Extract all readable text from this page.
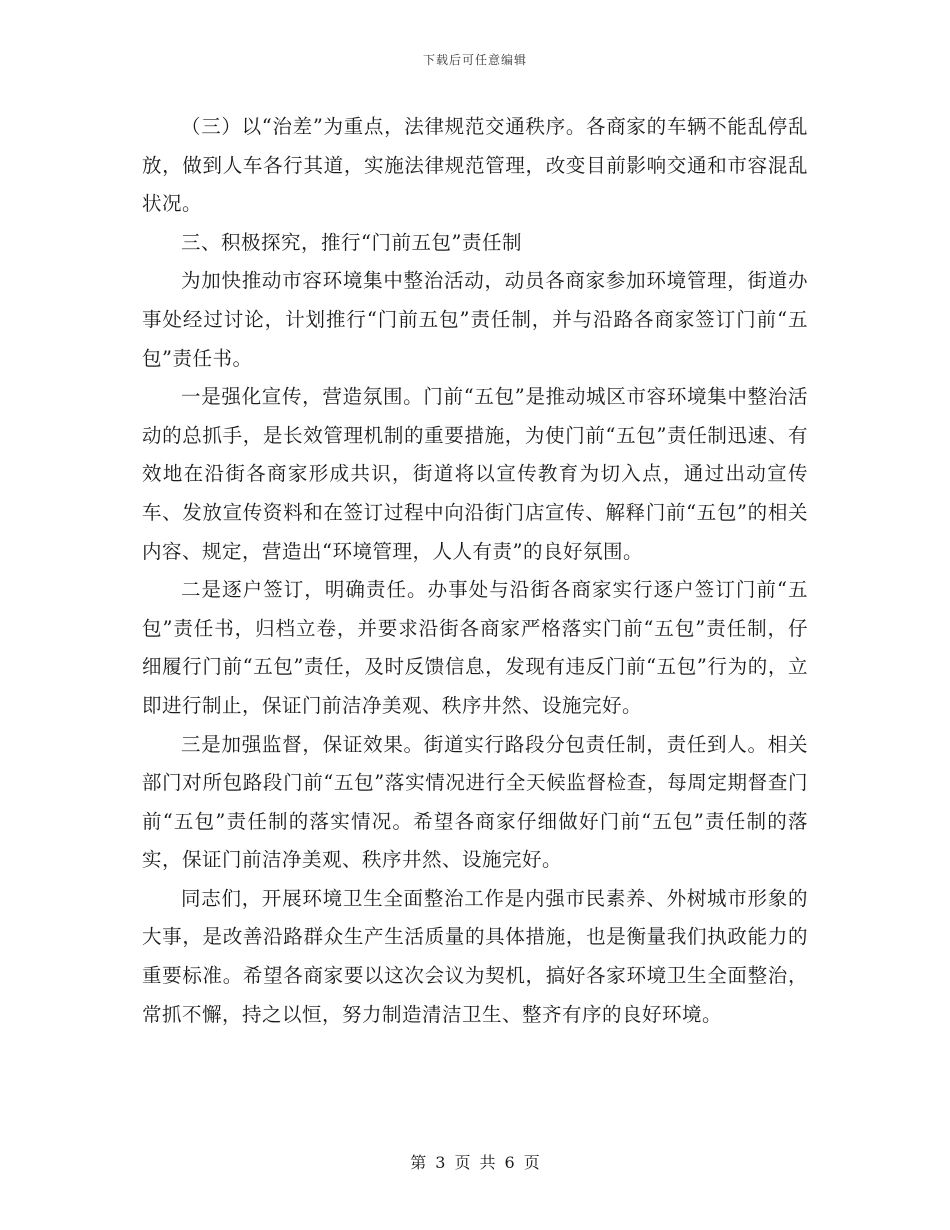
下载后可任意编辑

（三）以“治差”为重点，法律规范交通秩序。各商家的车辆不能乱停乱放，做到人车各行其道，实施法律规范管理，改变目前影响交通和市容混乱状况。

三、积极探究，推行“门前五包”责任制

为加快推动市容环境集中整治活动，动员各商家参加环境管理，街道办事处经过讨论，计划推行“门前五包”责任制，并与沿路各商家签订门前“五包”责任书。

一是强化宣传，营造氛围。门前“五包”是推动城区市容环境集中整治活动的总抓手，是长效管理机制的重要措施，为使门前“五包”责任制迅速、有效地在沿街各商家形成共识，街道将以宣传教育为切入点，通过出动宣传车、发放宣传资料和在签订过程中向沿街门店宣传、解释门前“五包”的相关内容、规定，营造出“环境管理，人人有责”的良好氛围。

二是逐户签订，明确责任。办事处与沿街各商家实行逐户签订门前“五包”责任书，归档立卷，并要求沿街各商家严格落实门前“五包”责任制，仔细履行门前“五包”责任，及时反馈信息，发现有违反门前“五包”行为的，立即进行制止，保证门前洁净美观、秩序井然、设施完好。

三是加强监督，保证效果。街道实行路段分包责任制，责任到人。相关部门对所包路段门前“五包”落实情况进行全天候监督检查，每周定期督查门前“五包”责任制的落实情况。希望各商家仔细做好门前“五包”责任制的落实，保证门前洁净美观、秩序井然、设施完好。

同志们，开展环境卫生全面整治工作是内强市民素养、外树城市形象的大事，是改善沿路群众生产生活质量的具体措施，也是衡量我们执政能力的重要标准。希望各商家要以这次会议为契机，搞好各家环境卫生全面整治，常抓不懈，持之以恒，努力制造清洁卫生、整齐有序的良好环境。

第 3 页 共 6 页
